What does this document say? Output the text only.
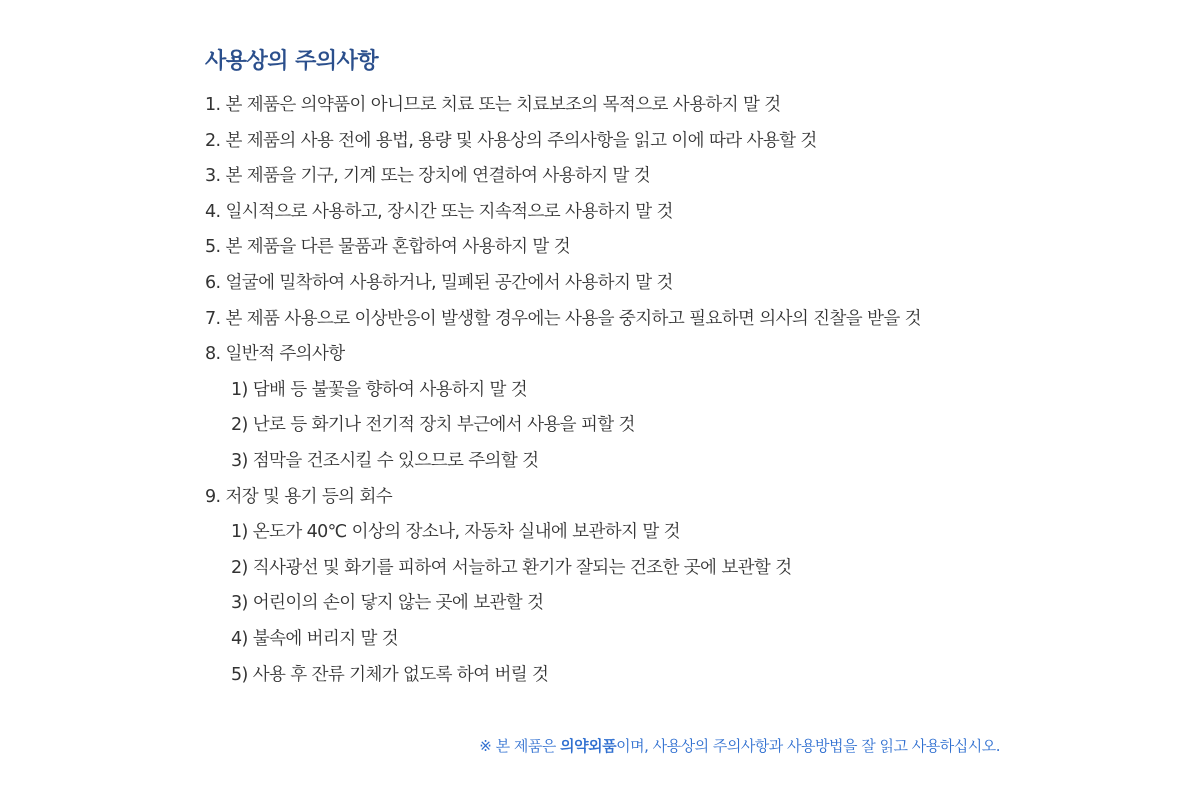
사용상의 주의사항
1. 본 제품은 의약품이 아니므로 치료 또는 치료보조의 목적으로 사용하지 말 것
2. 본 제품의 사용 전에 용법, 용량 및 사용상의 주의사항을 읽고 이에 따라 사용할 것
3. 본 제품을 기구, 기계 또는 장치에 연결하여 사용하지 말 것
4. 일시적으로 사용하고, 장시간 또는 지속적으로 사용하지 말 것
5. 본 제품을 다른 물품과 혼합하여 사용하지 말 것
6. 얼굴에 밀착하여 사용하거나, 밀폐된 공간에서 사용하지 말 것
7. 본 제품 사용으로 이상반응이 발생할 경우에는 사용을 중지하고 필요하면 의사의 진찰을 받을 것
8. 일반적 주의사항
1) 담배 등 불꽃을 향하여 사용하지 말 것
2) 난로 등 화기나 전기적 장치 부근에서 사용을 피할 것
3) 점막을 건조시킬 수 있으므로 주의할 것
9. 저장 및 용기 등의 회수
1) 온도가 40℃ 이상의 장소나, 자동차 실내에 보관하지 말 것
2) 직사광선 및 화기를 피하여 서늘하고 환기가 잘되는 건조한 곳에 보관할 것
3) 어린이의 손이 닿지 않는 곳에 보관할 것
4) 불속에 버리지 말 것
5) 사용 후 잔류 기체가 없도록 하여 버릴 것
※ 본 제품은 의약외품이며, 사용상의 주의사항과 사용방법을 잘 읽고 사용하십시오.
